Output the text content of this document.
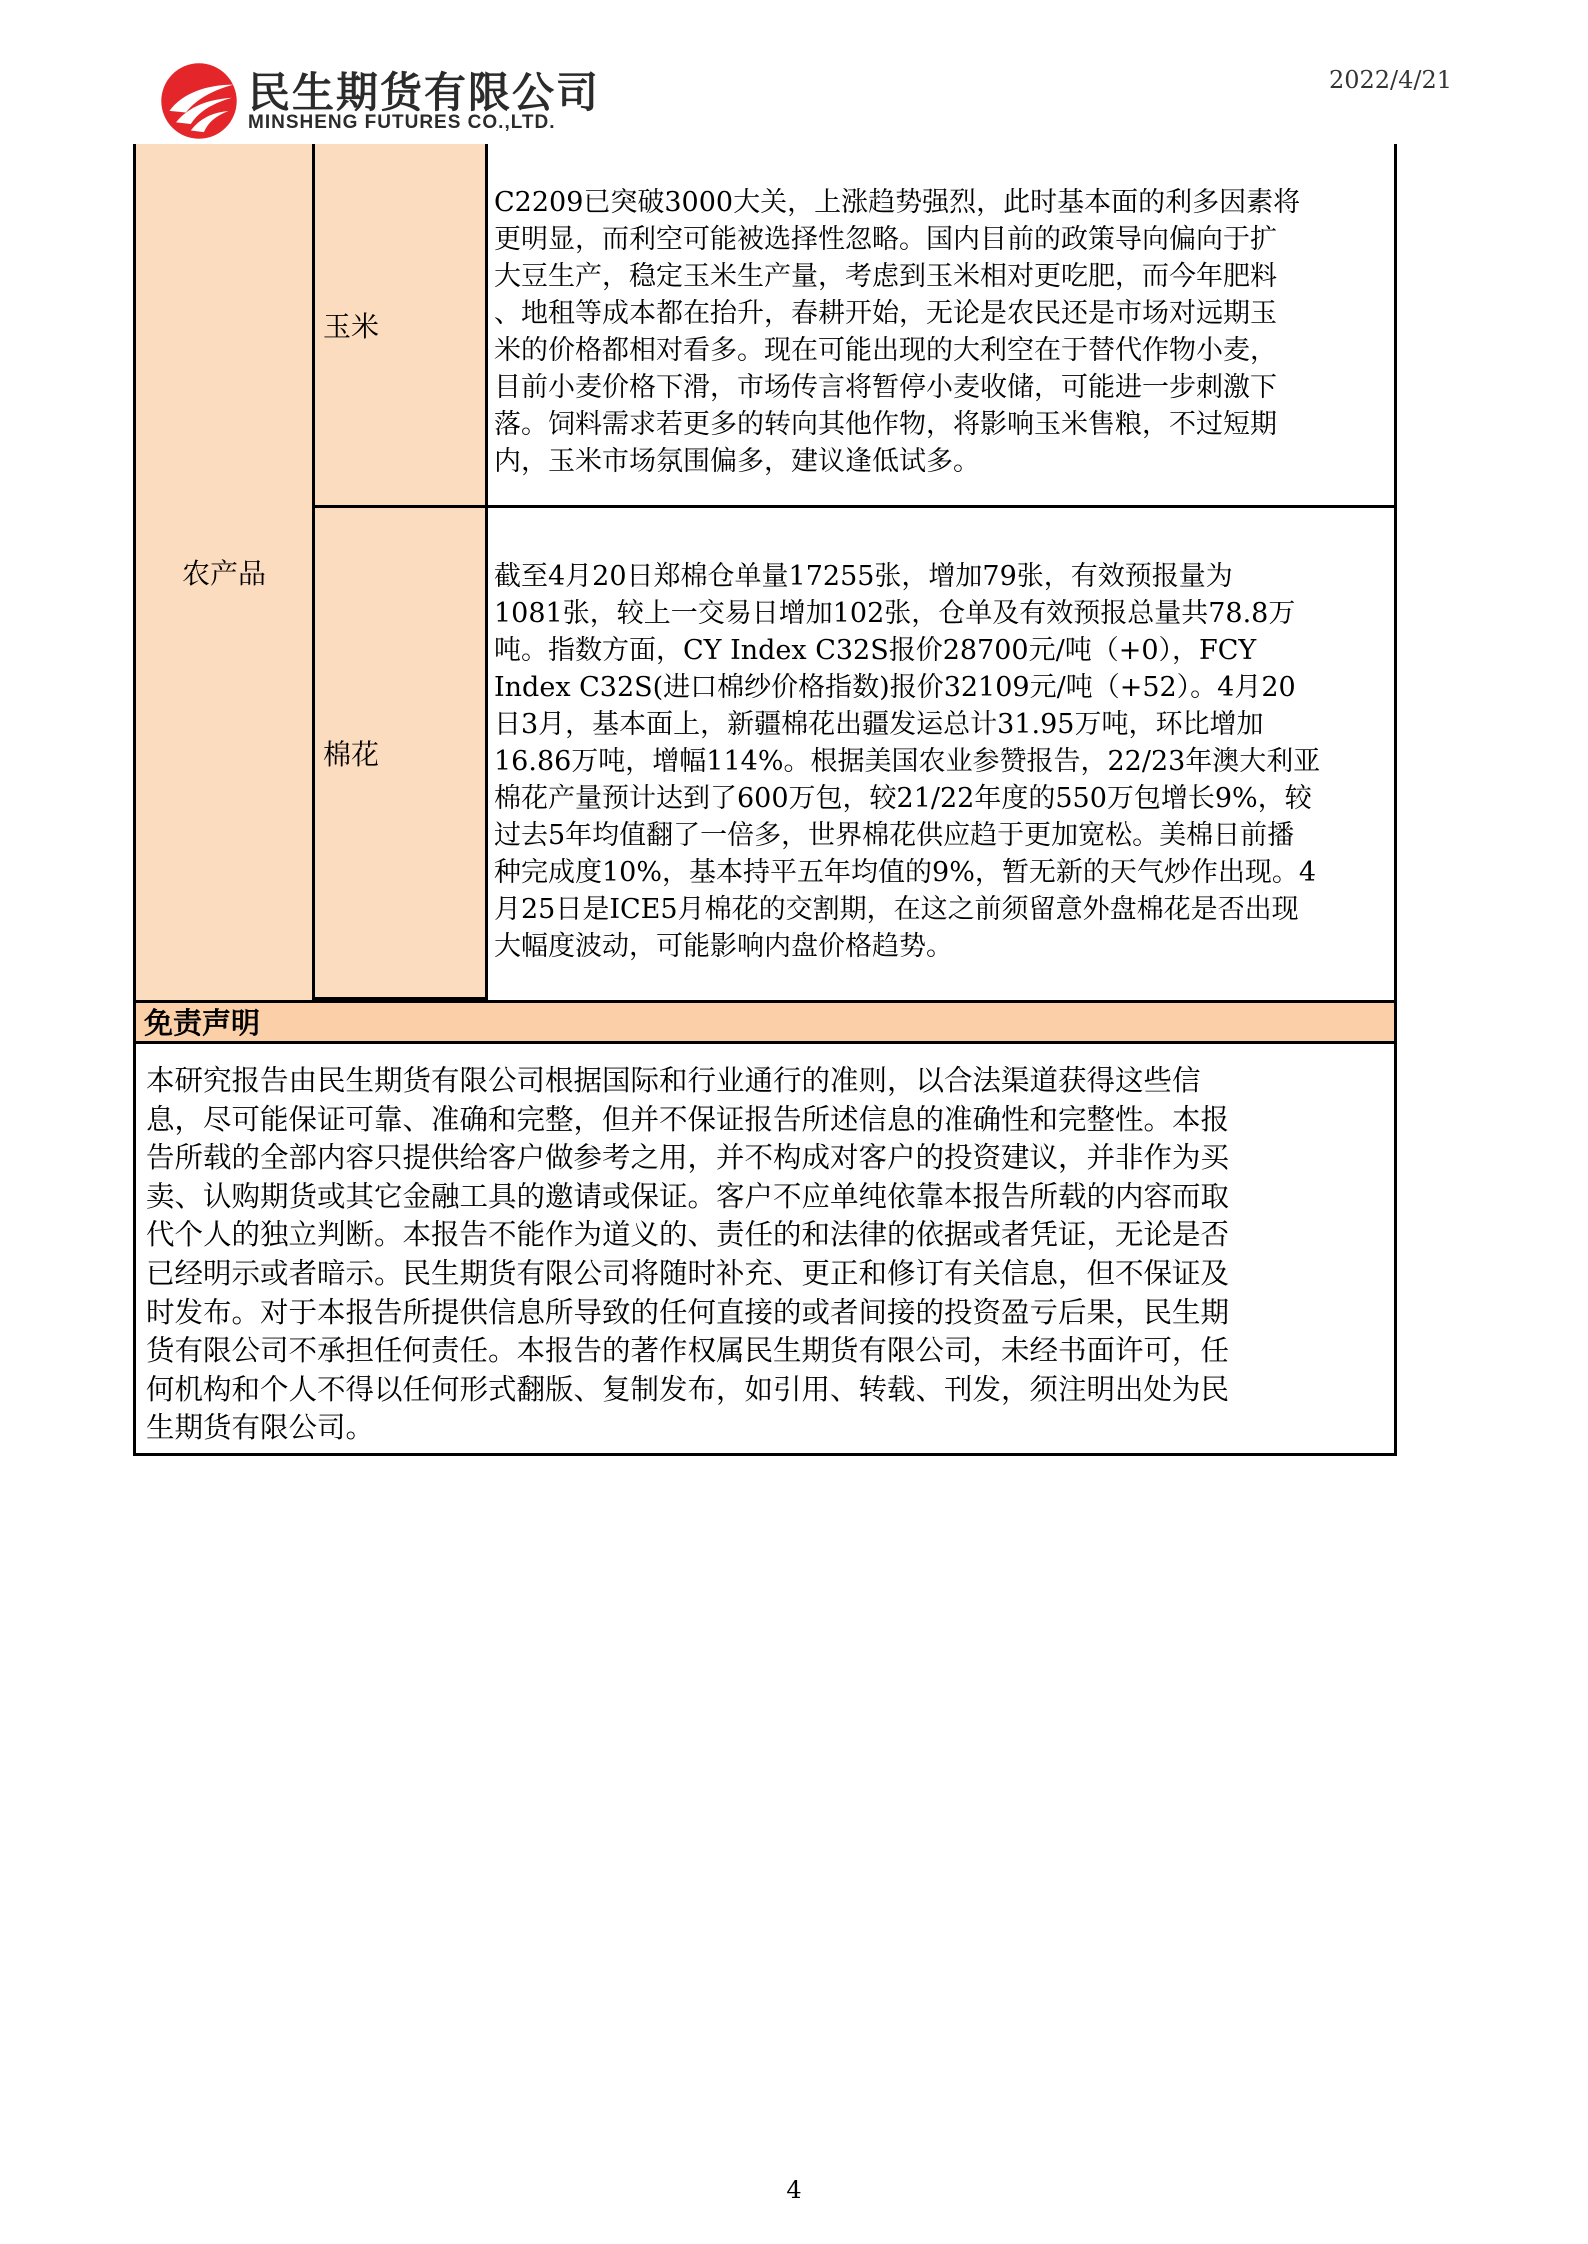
民生期货有限公司
MINSHENG FUTURES CO.,LTD.
2022/4/21
农产品
玉米
棉花
C2209已突破3000大关，上涨趋势强烈，此时基本面的利多因素将
更明显，而利空可能被选择性忽略。国内目前的政策导向偏向于扩
大豆生产，稳定玉米生产量，考虑到玉米相对更吃肥，而今年肥料
、地租等成本都在抬升，春耕开始，无论是农民还是市场对远期玉
米的价格都相对看多。现在可能出现的大利空在于替代作物小麦，
目前小麦价格下滑，市场传言将暂停小麦收储，可能进一步刺激下
落。饲料需求若更多的转向其他作物，将影响玉米售粮，不过短期
内，玉米市场氛围偏多，建议逢低试多。
截至4月20日郑棉仓单量17255张，增加79张，有效预报量为
1081张，较上一交易日增加102张，仓单及有效预报总量共78.8万
吨。指数方面，CY Index C32S报价28700元/吨（+0），FCY
Index C32S(进口棉纱价格指数)报价32109元/吨（+52）。4月20
日3月，基本面上，新疆棉花出疆发运总计31.95万吨，环比增加
16.86万吨，增幅114%。根据美国农业参赞报告，22/23年澳大利亚
棉花产量预计达到了600万包，较21/22年度的550万包增长9%，较
过去5年均值翻了一倍多，世界棉花供应趋于更加宽松。美棉日前播
种完成度10%，基本持平五年均值的9%，暂无新的天气炒作出现。4
月25日是ICE5月棉花的交割期，在这之前须留意外盘棉花是否出现
大幅度波动，可能影响内盘价格趋势。
免责声明
本研究报告由民生期货有限公司根据国际和行业通行的准则，以合法渠道获得这些信
息，尽可能保证可靠、准确和完整，但并不保证报告所述信息的准确性和完整性。本报
告所载的全部内容只提供给客户做参考之用，并不构成对客户的投资建议，并非作为买
卖、认购期货或其它金融工具的邀请或保证。客户不应单纯依靠本报告所载的内容而取
代个人的独立判断。本报告不能作为道义的、责任的和法律的依据或者凭证，无论是否
已经明示或者暗示。民生期货有限公司将随时补充、更正和修订有关信息，但不保证及
时发布。对于本报告所提供信息所导致的任何直接的或者间接的投资盈亏后果，民生期
货有限公司不承担任何责任。本报告的著作权属民生期货有限公司，未经书面许可，任
何机构和个人不得以任何形式翻版、复制发布，如引用、转载、刊发，须注明出处为民
生期货有限公司。
4
